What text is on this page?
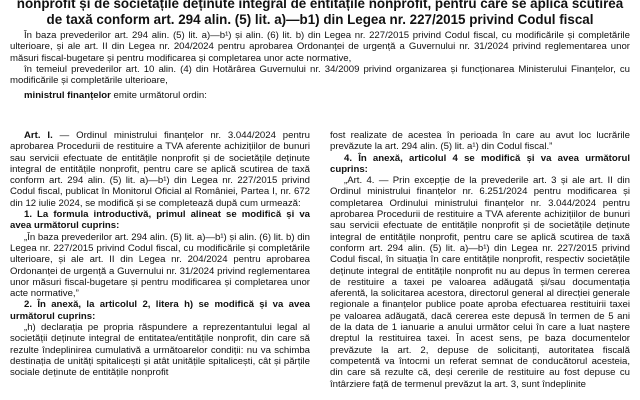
nonprofit și de societățile deținute integral de entitățile nonprofit, pentru care se aplică scutirea
de taxă conform art. 294 alin. (5) lit. a)—b1) din Legea nr. 227/2015 privind Codul fiscal

În baza prevederilor art. 294 alin. (5) lit. a)—b¹) și alin. (6) lit. b) din Legea nr. 227/2015 privind Codul fiscal, cu modificările și completările ulterioare, și ale art. II din Legea nr. 204/2024 pentru aprobarea Ordonanței de urgență a Guvernului nr. 31/2024 privind reglementarea unor măsuri fiscal-bugetare și pentru modificarea și completarea unor acte normative,

în temeiul prevederilor art. 10 alin. (4) din Hotărârea Guvernului nr. 34/2009 privind organizarea și funcționarea Ministerului Finanțelor, cu modificările și completările ulterioare,

ministrul finanțelor emite următorul ordin:

Art. I. — Ordinul ministrului finanțelor nr. 3.044/2024 pentru aprobarea Procedurii de restituire a TVA aferente achizițiilor de bunuri sau servicii efectuate de entitățile nonprofit și de societățile deținute integral de entitățile nonprofit, pentru care se aplică scutirea de taxă conform art. 294 alin. (5) lit. a)—b¹) din Legea nr. 227/2015 privind Codul fiscal, publicat în Monitorul Oficial al României, Partea I, nr. 672 din 12 iulie 2024, se modifică și se completează după cum urmează:

1. La formula introductivă, primul alineat se modifică și va avea următorul cuprins:

„În baza prevederilor art. 294 alin. (5) lit. a)—b¹) și alin. (6) lit. b) din Legea nr. 227/2015 privind Codul fiscal, cu modificările și completările ulterioare, și ale art. II din Legea nr. 204/2024 pentru aprobarea Ordonanței de urgență a Guvernului nr. 31/2024 privind reglementarea unor măsuri fiscal-bugetare și pentru modificarea și completarea unor acte normative,”

2. În anexă, la articolul 2, litera h) se modifică și va avea următorul cuprins:

„h) declarația pe propria răspundere a reprezentantului legal al societății deținute integral de entitatea/entitățile nonprofit, din care să rezulte îndeplinirea cumulativă a următoarelor condiții: nu va schimba destinația de unități spitalicești și atât unitățile spitalicești, cât și părțile sociale deținute de entitățile nonprofit

fost realizate de acestea în perioada în care au avut loc lucrările prevăzute la art. 294 alin. (5) lit. a¹) din Codul fiscal.”

4. În anexă, articolul 4 se modifică și va avea următorul cuprins:

„Art. 4. — Prin excepție de la prevederile art. 3 și ale art. II din Ordinul ministrului finanțelor nr. 6.251/2024 pentru modificarea și completarea Ordinului ministrului finanțelor nr. 3.044/2024 pentru aprobarea Procedurii de restituire a TVA aferente achizițiilor de bunuri sau servicii efectuate de entitățile nonprofit și de societățile deținute integral de entitățile nonprofit, pentru care se aplică scutirea de taxă conform art. 294 alin. (5) lit. a)—b¹) din Legea nr. 227/2015 privind Codul fiscal, în situația în care entitățile nonprofit, respectiv societățile deținute integral de entitățile nonprofit nu au depus în termen cererea de restituire a taxei pe valoarea adăugată și/sau documentația aferentă, la solicitarea acestora, directorul general al direcției generale regionale a finanțelor publice poate aproba efectuarea restituirii taxei pe valoarea adăugată, dacă cererea este depusă în termen de 5 ani de la data de 1 ianuarie a anului următor celui în care a luat naștere dreptul la restituirea taxei. În acest sens, pe baza documentelor prevăzute la art. 2, depuse de solicitanți, autoritatea fiscală competentă va întocmi un referat semnat de conducătorul acesteia, din care să rezulte că, deși cererile de restituire au fost depuse cu întârziere față de termenul prevăzut la art. 3, sunt îndeplinite
